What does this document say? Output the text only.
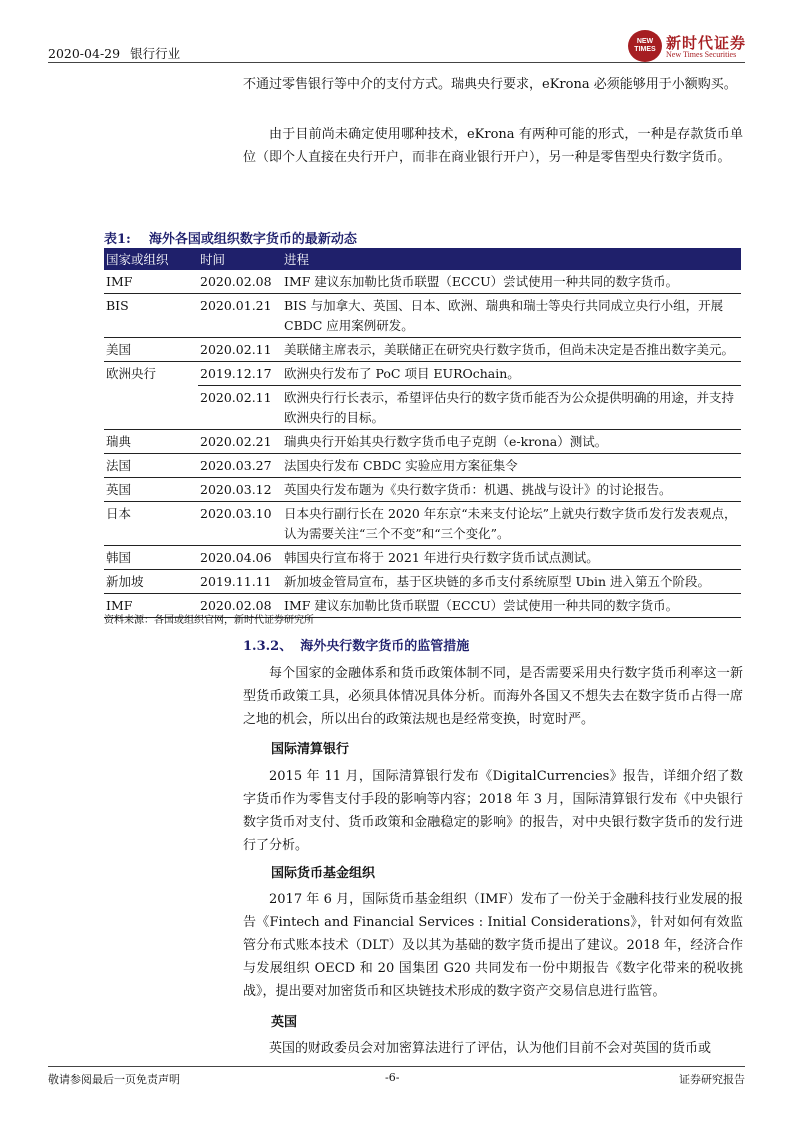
2020-04-29 银行行业
NEW TIMES 新时代证券
New Times Securities

不通过零售银行等中介的支付方式。瑞典央行要求，eKrona 必须能够用于小额购买。

由于目前尚未确定使用哪种技术，eKrona 有两种可能的形式，一种是存款货币单位（即个人直接在央行开户，而非在商业银行开户），另一种是零售型央行数字货币。

表1: 海外各国或组织数字货币的最新动态
国家或组织	时间	进程
IMF	2020.02.08	IMF 建议东加勒比货币联盟（ECCU）尝试使用一种共同的数字货币。
BIS	2020.01.21	BIS 与加拿大、英国、日本、欧洲、瑞典和瑞士等央行共同成立央行小组，开展 CBDC 应用案例研发。
美国	2020.02.11	美联储主席表示，美联储正在研究央行数字货币，但尚未决定是否推出数字美元。
欧洲央行	2019.12.17	欧洲央行发布了 PoC 项目 EUROchain。
	2020.02.11	欧洲央行行长表示，希望评估央行的数字货币能否为公众提供明确的用途，并支持欧洲央行的目标。
瑞典	2020.02.21	瑞典央行开始其央行数字货币电子克朗（e-krona）测试。
法国	2020.03.27	法国央行发布 CBDC 实验应用方案征集令
英国	2020.03.12	英国央行发布题为《央行数字货币：机遇、挑战与设计》的讨论报告。
日本	2020.03.10	日本央行副行长在 2020 年东京“未来支付论坛”上就央行数字货币发行发表观点，认为需要关注“三个不变”和“三个变化”。
韩国	2020.04.06	韩国央行宣布将于 2021 年进行央行数字货币试点测试。
新加坡	2019.11.11	新加坡金管局宣布，基于区块链的多币支付系统原型 Ubin 进入第五个阶段。
IMF	2020.02.08	IMF 建议东加勒比货币联盟（ECCU）尝试使用一种共同的数字货币。
资料来源：各国或组织官网，新时代证券研究所
1.3.2、 海外央行数字货币的监管措施

每个国家的金融体系和货币政策体制不同，是否需要采用央行数字货币利率这一新型货币政策工具，必须具体情况具体分析。而海外各国又不想失去在数字货币占得一席之地的机会，所以出台的政策法规也是经常变换，时宽时严。

国际清算银行

2015 年 11 月，国际清算银行发布《DigitalCurrencies》报告，详细介绍了数字货币作为零售支付手段的影响等内容；2018 年 3 月，国际清算银行发布《中央银行数字货币对支付、货币政策和金融稳定的影响》的报告，对中央银行数字货币的发行进行了分析。

国际货币基金组织

2017 年 6 月，国际货币基金组织（IMF）发布了一份关于金融科技行业发展的报告《Fintech and Financial Services : Initial Considerations》，针对如何有效监管分布式账本技术（DLT）及以其为基础的数字货币提出了建议。2018 年，经济合作与发展组织 OECD 和 20 国集团 G20 共同发布一份中期报告《数字化带来的税收挑战》，提出要对加密货币和区块链技术形成的数字资产交易信息进行监管。

英国

英国的财政委员会对加密算法进行了评估，认为他们目前不会对英国的货币或

敬请参阅最后一页免责声明	-6-	证券研究报告
